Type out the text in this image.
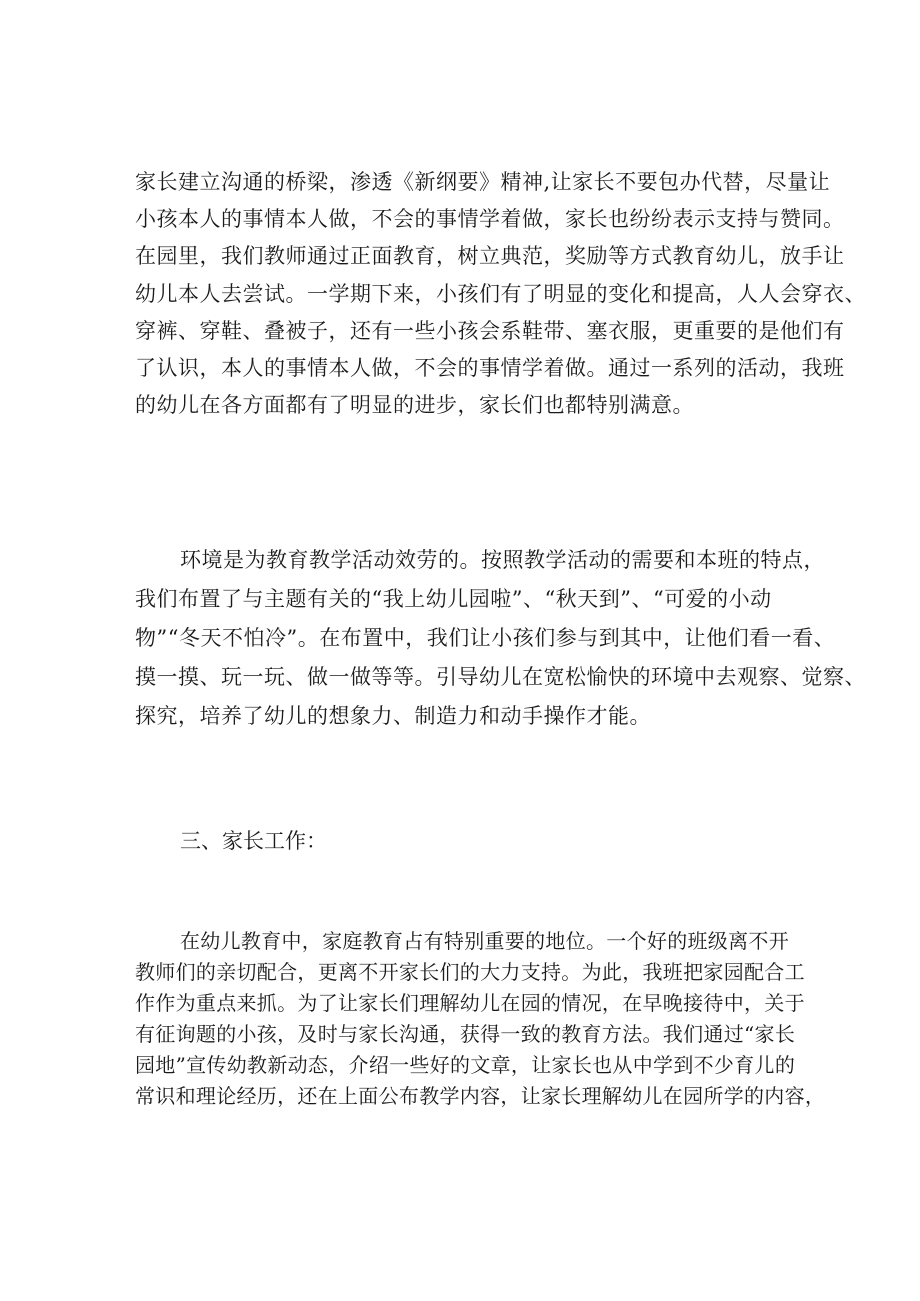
家长建立沟通的桥梁，渗透《新纲要》精神,让家长不要包办代替，尽量让
小孩本人的事情本人做，不会的事情学着做，家长也纷纷表示支持与赞同。
在园里，我们教师通过正面教育，树立典范，奖励等方式教育幼儿，放手让
幼儿本人去尝试。一学期下来，小孩们有了明显的变化和提高，人人会穿衣、
穿裤、穿鞋、叠被子，还有一些小孩会系鞋带、塞衣服，更重要的是他们有
了认识，本人的事情本人做，不会的事情学着做。通过一系列的活动，我班
的幼儿在各方面都有了明显的进步，家长们也都特别满意。
环境是为教育教学活动效劳的。按照教学活动的需要和本班的特点，
我们布置了与主题有关的“我上幼儿园啦”、“秋天到”、“可爱的小动
物”“冬天不怕冷”。在布置中，我们让小孩们参与到其中，让他们看一看、
摸一摸、玩一玩、做一做等等。引导幼儿在宽松愉快的环境中去观察、觉察、
探究，培养了幼儿的想象力、制造力和动手操作才能。

三、家长工作：

在幼儿教育中，家庭教育占有特别重要的地位。一个好的班级离不开
教师们的亲切配合，更离不开家长们的大力支持。为此，我班把家园配合工
作作为重点来抓。为了让家长们理解幼儿在园的情况，在早晚接待中，关于
有征询题的小孩，及时与家长沟通，获得一致的教育方法。我们通过“家长
园地”宣传幼教新动态，介绍一些好的文章，让家长也从中学到不少育儿的
常识和理论经历，还在上面公布教学内容，让家长理解幼儿在园所学的内容，
